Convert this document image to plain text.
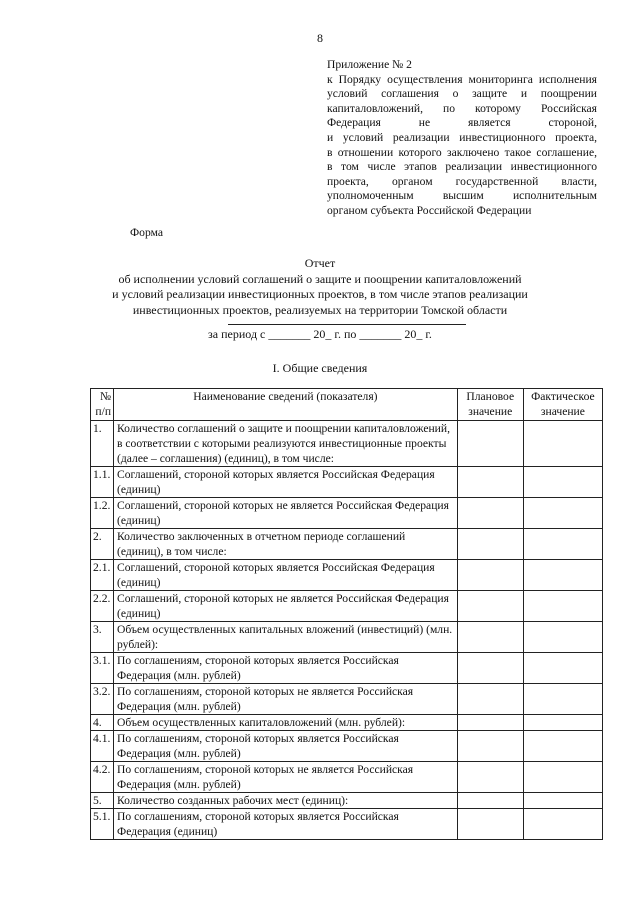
8
Приложение № 2
к Порядку осуществления мониторинга исполнения
условий соглашения о защите и поощрении
капиталовложений, по которому Российская
Федерация не является стороной,
и условий реализации инвестиционного проекта,
в отношении которого заключено такое соглашение,
в том числе этапов реализации инвестиционного
проекта, органом государственной власти,
уполномоченным высшим исполнительным
органом субъекта Российской Федерации
Форма
Отчет
об исполнении условий соглашений о защите и поощрении капиталовложений
и условий реализации инвестиционных проектов, в том числе этапов реализации
инвестиционных проектов, реализуемых на территории Томской области
за период с _______ 20_ г. по _______ 20_ г.
I. Общие сведения
№ п/п	Наименование сведений (показателя)	Плановое значение	Фактическое значение
1.	Количество соглашений о защите и поощрении капиталовложений, в соответствии с которыми реализуются инвестиционные проекты (далее – соглашения) (единиц), в том числе:		
1.1.	Соглашений, стороной которых является Российская Федерация (единиц)		
1.2.	Соглашений, стороной которых не является Российская Федерация (единиц)		
2.	Количество заключенных в отчетном периоде соглашений (единиц), в том числе:		
2.1.	Соглашений, стороной которых является Российская Федерация (единиц)		
2.2.	Соглашений, стороной которых не является Российская Федерация (единиц)		
3.	Объем осуществленных капитальных вложений (инвестиций) (млн. рублей):		
3.1.	По соглашениям, стороной которых является Российская Федерация (млн. рублей)		
3.2.	По соглашениям, стороной которых не является Российская Федерация (млн. рублей)		
4.	Объем осуществленных капиталовложений (млн. рублей):		
4.1.	По соглашениям, стороной которых является Российская Федерация (млн. рублей)		
4.2.	По соглашениям, стороной которых не является Российская Федерация (млн. рублей)		
5.	Количество созданных рабочих мест (единиц):		
5.1.	По соглашениям, стороной которых является Российская Федерация (единиц)		
